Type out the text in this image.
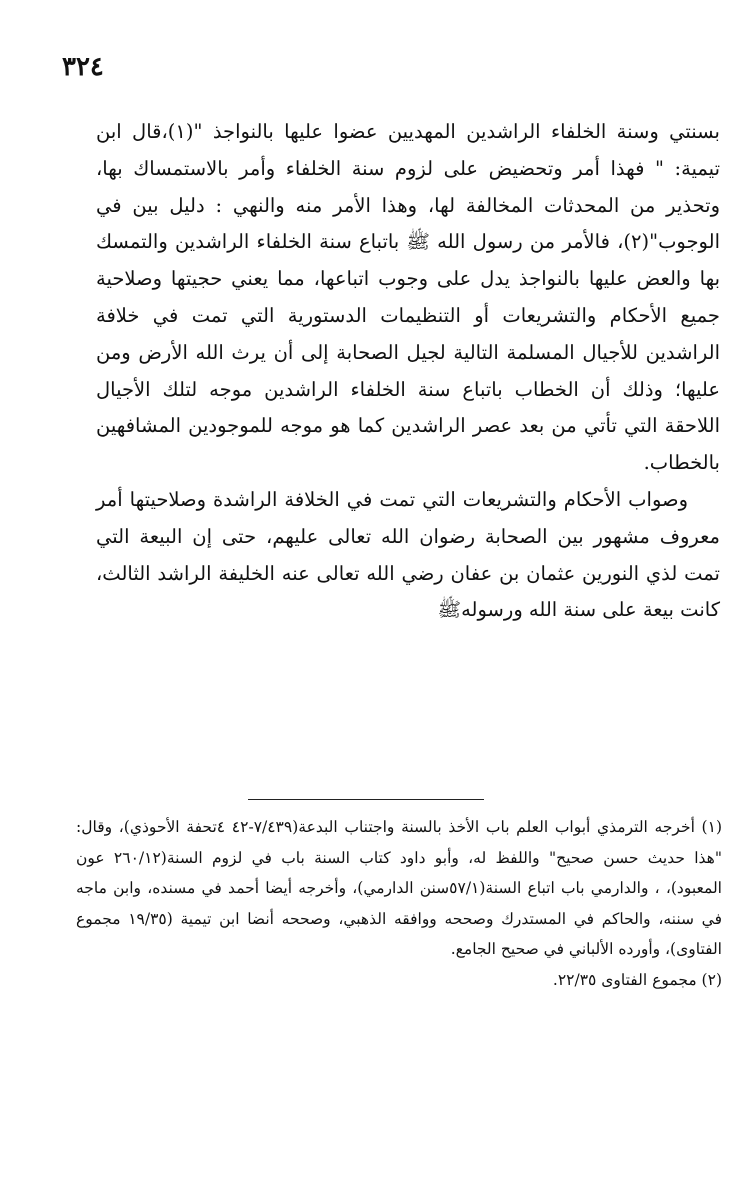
٣٢٤

بسنتي وسنة الخلفاء الراشدين المهديين عضوا عليها بالنواجذ "(١)،قال ابن تيمية: " فهذا أمر وتحضيض على لزوم سنة الخلفاء وأمر بالاستمساك بها، وتحذير من المحدثات المخالفة لها، وهذا الأمر منه والنهي : دليل بين في الوجوب"(٢)، فالأمر من رسول الله ﷺ باتباع سنة الخلفاء الراشدين والتمسك بها والعض عليها بالنواجذ يدل على وجوب اتباعها، مما يعني حجيتها وصلاحية جميع الأحكام والتشريعات أو التنظيمات الدستورية التي تمت في خلافة الراشدين للأجيال المسلمة التالية لجيل الصحابة إلى أن يرث الله الأرض ومن عليها؛ وذلك أن الخطاب باتباع سنة الخلفاء الراشدين موجه لتلك الأجيال اللاحقة التي تأتي من بعد عصر الراشدين كما هو موجه للموجودين المشافهين بالخطاب.

وصواب الأحكام والتشريعات التي تمت في الخلافة الراشدة وصلاحيتها أمر معروف مشهور بين الصحابة رضوان الله تعالى عليهم، حتى إن البيعة التي تمت لذي النورين عثمان بن عفان رضي الله تعالى عنه الخليفة الراشد الثالث، كانت بيعة على سنة الله ورسولهﷺ

(١) أخرجه الترمذي أبواب العلم باب الأخذ بالسنة واجتناب البدعة(٧/٤٣٩-٤٢ ٤تحفة الأحوذي)، وقال: "هذا حديث حسن صحيح" واللفظ له، وأبو داود كتاب السنة باب في لزوم السنة(٢٦٠/١٢ عون المعبود)، ، والدارمي باب اتباع السنة(٥٧/١سنن الدارمي)، وأخرجه أيضا أحمد في مسنده، وابن ماجه في سننه، والحاكم في المستدرك وصححه ووافقه الذهبي، وصححه أنضا ابن تيمية (١٩/٣٥ مجموع الفتاوى)، وأورده الألباني في صحيح الجامع.

(٢) مجموع الفتاوى ٢٢/٣٥.
